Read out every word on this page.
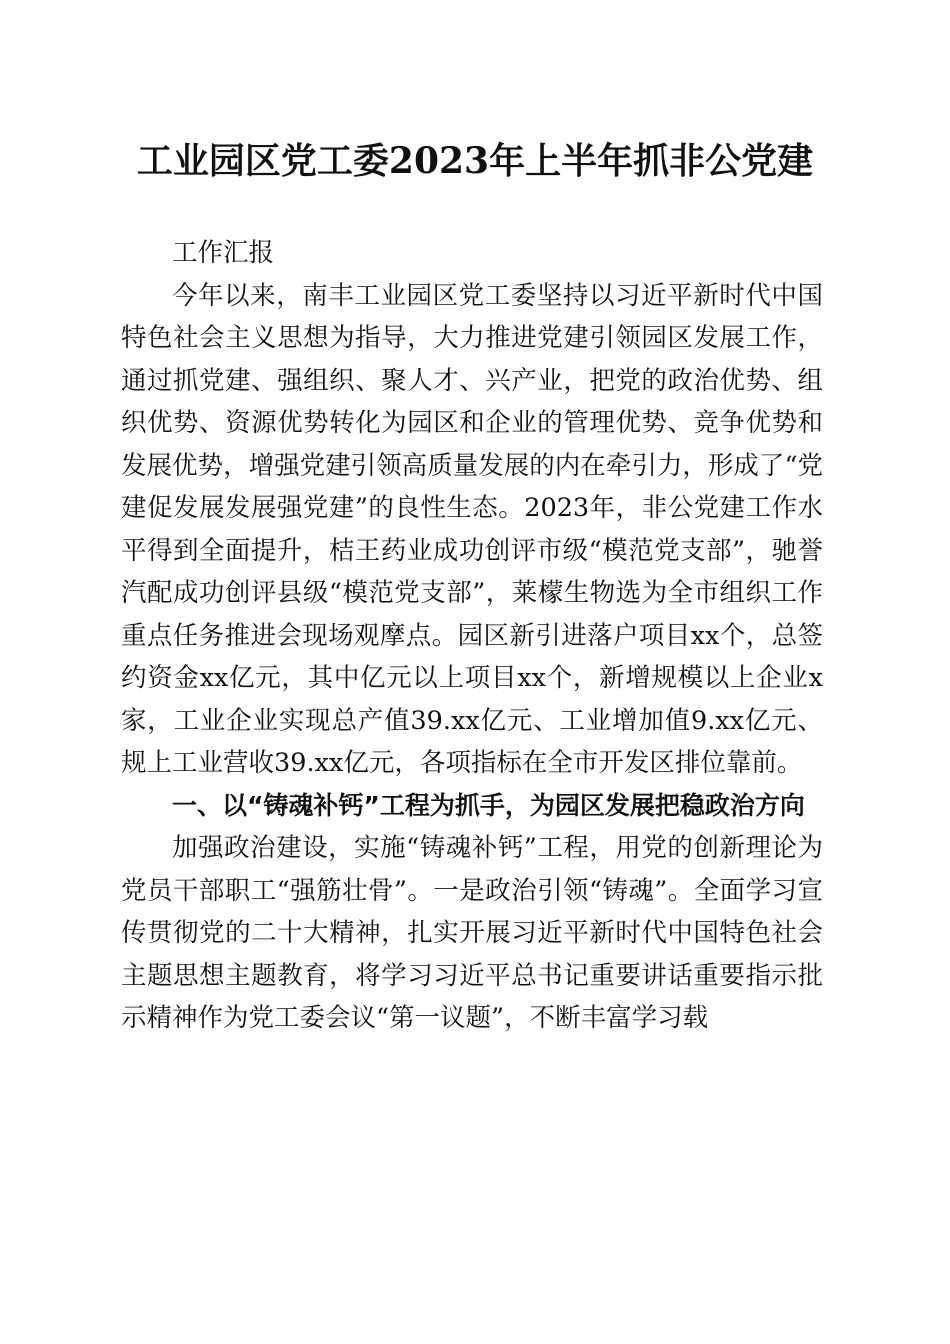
工业园区党工委2023年上半年抓非公党建

工作汇报

今年以来，南丰工业园区党工委坚持以习近平新时代中国特色社会主义思想为指导，大力推进党建引领园区发展工作，通过抓党建、强组织、聚人才、兴产业，把党的政治优势、组织优势、资源优势转化为园区和企业的管理优势、竞争优势和发展优势，增强党建引领高质量发展的内在牵引力，形成了“党建促发展发展强党建”的良性生态。2023年，非公党建工作水平得到全面提升，桔王药业成功创评市级“模范党支部”，驰誉汽配成功创评县级“模范党支部”，莱檬生物选为全市组织工作重点任务推进会现场观摩点。园区新引进落户项目xx个，总签约资金xx亿元，其中亿元以上项目xx个，新增规模以上企业x家，工业企业实现总产值39.xx亿元、工业增加值9.xx亿元、规上工业营收39.xx亿元，各项指标在全市开发区排位靠前。

一、以“铸魂补钙”工程为抓手，为园区发展把稳政治方向

加强政治建设，实施“铸魂补钙”工程，用党的创新理论为党员干部职工“强筋壮骨”。一是政治引领“铸魂”。全面学习宣传贯彻党的二十大精神，扎实开展习近平新时代中国特色社会主题思想主题教育，将学习习近平总书记重要讲话重要指示批示精神作为党工委会议“第一议题”，不断丰富学习载
